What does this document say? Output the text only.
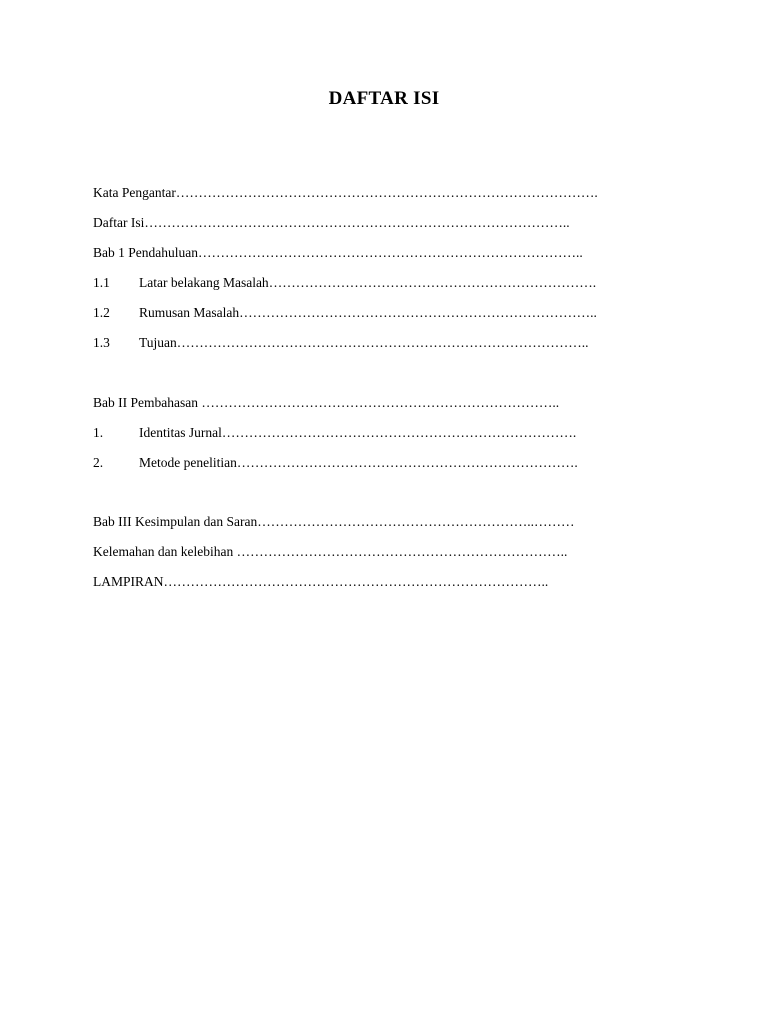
DAFTAR ISI
Kata Pengantar………………………………………………………………………………….
Daftar Isi…………………………………………………………………………………..
Bab 1 Pendahuluan…………………………………………………………………………..
1.1 Latar belakang Masalah……………………………………………………………….
1.2 Rumusan Masalah……………………………………………………………………..
1.3 Tujuan………………………………………………………………………………..
Bab II Pembahasan ……………………………………………………………………..
1.	Identitas Jurnal…………………………………………………………………….
2.	Metode penelitian………………………………………………………………….
Bab III Kesimpulan dan Saran……………………………………………………..………
Kelemahan dan kelebihan ………………………………………………………………..
LAMPIRAN…………………………………………………………………………..
